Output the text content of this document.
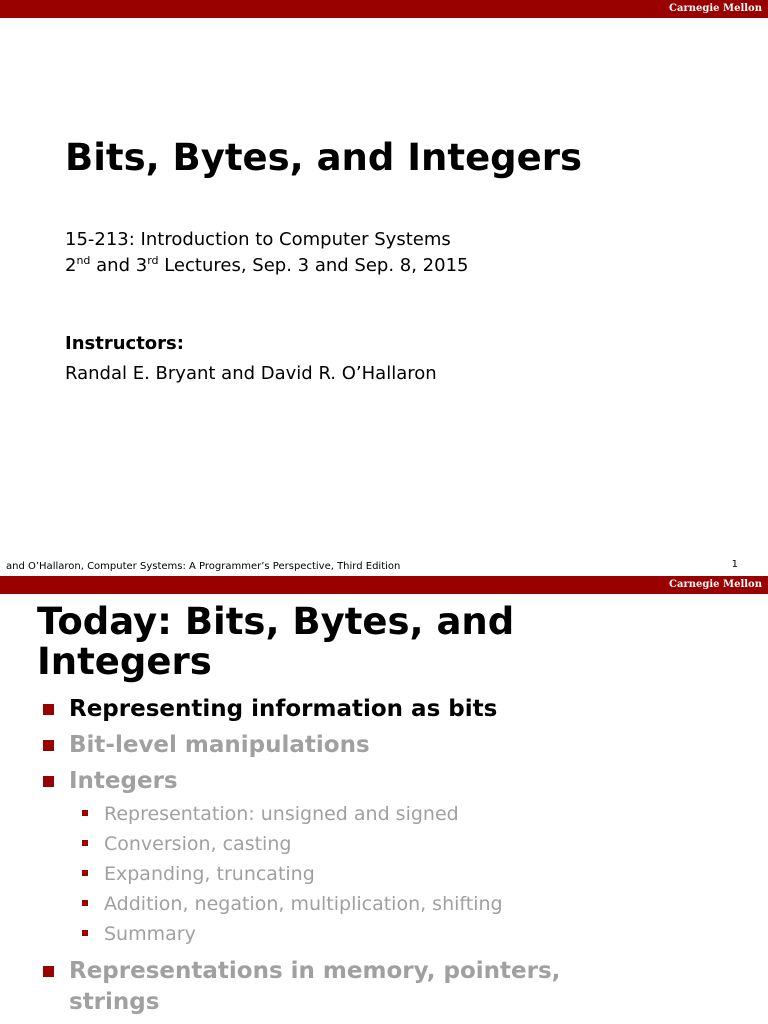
Carnegie Mellon
Bits, Bytes, and Integers
15-213: Introduction to Computer Systems
2nd and 3rd Lectures, Sep. 3 and Sep. 8, 2015
Instructors:
Randal E. Bryant and David R. O’Hallaron
and O’Hallaron, Computer Systems: A Programmer’s Perspective, Third Edition	1
Carnegie Mellon
Today: Bits, Bytes, and Integers
Representing information as bits
Bit-level manipulations
Integers
Representation: unsigned and signed
Conversion, casting
Expanding, truncating
Addition, negation, multiplication, shifting
Summary
Representations in memory, pointers, strings
